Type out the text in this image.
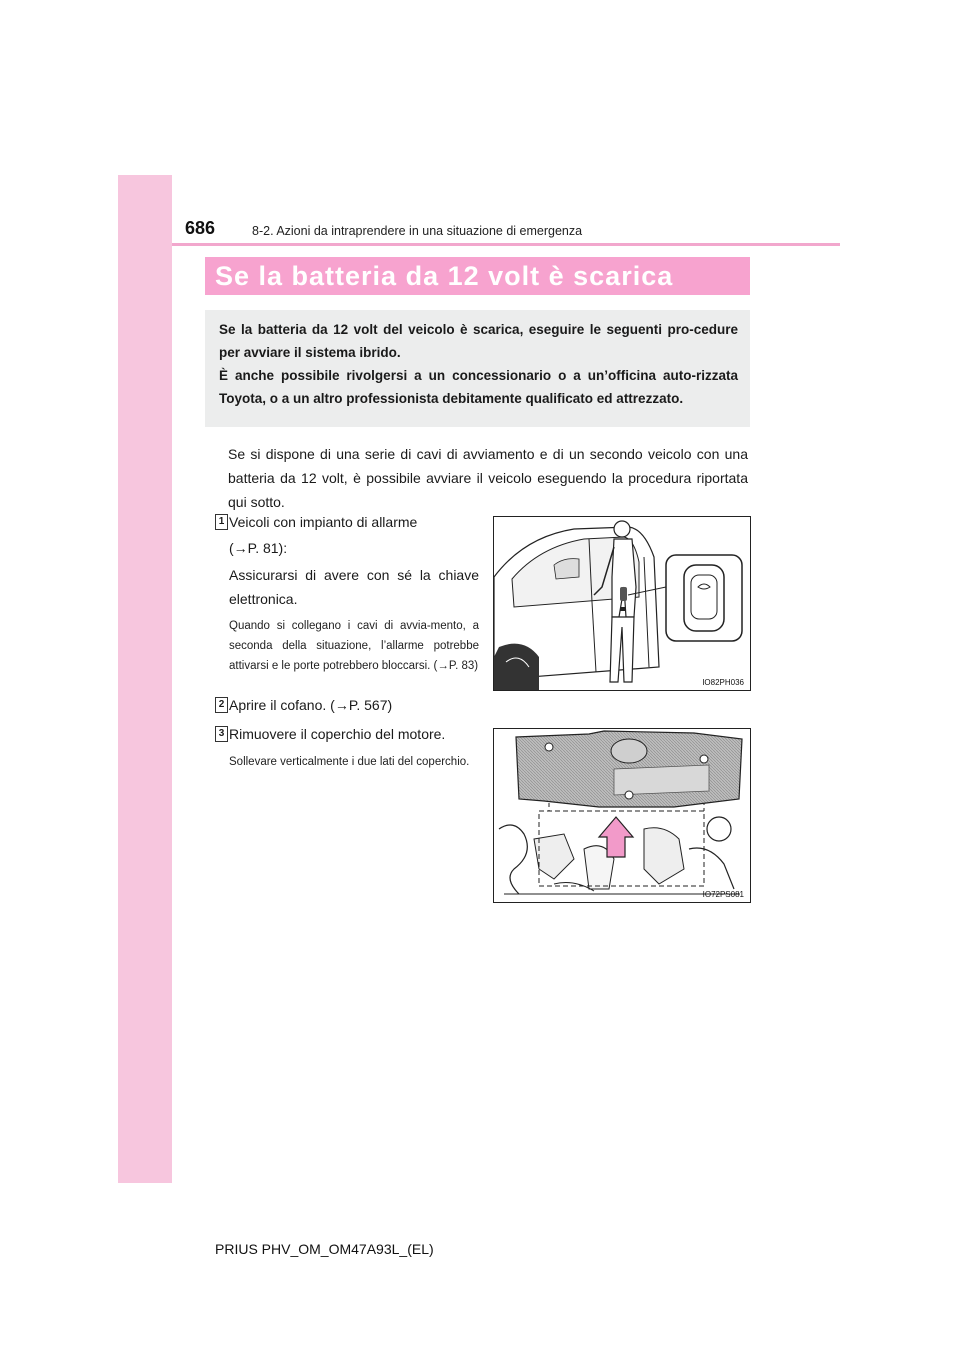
686	8-2. Azioni da intraprendere in una situazione di emergenza
Se la batteria da 12 volt è scarica

Se la batteria da 12 volt del veicolo è scarica, eseguire le seguenti pro-cedure per avviare il sistema ibrido.

È anche possibile rivolgersi a un concessionario o a un’officina auto-rizzata Toyota, o a un altro professionista debitamente qualificato ed attrezzato.

Se si dispone di una serie di cavi di avviamento e di un secondo veicolo con una batteria da 12 volt, è possibile avviare il veicolo eseguendo la procedura riportata qui sotto.

1 Veicoli con impianto di allarme

(→P. 81):

Assicurarsi di avere con sé la chiave elettronica.

Quando si collegano i cavi di avvia-mento, a seconda della situazione, l’allarme potrebbe attivarsi e le porte potrebbero bloccarsi. (→P. 83)

IO82PH036
2 Aprire il cofano. (→P. 567)

3 Rimuovere il coperchio del motore.

Sollevare verticalmente i due lati del coperchio.

IO72PS081
PRIUS PHV_OM_OM47A93L_(EL)
